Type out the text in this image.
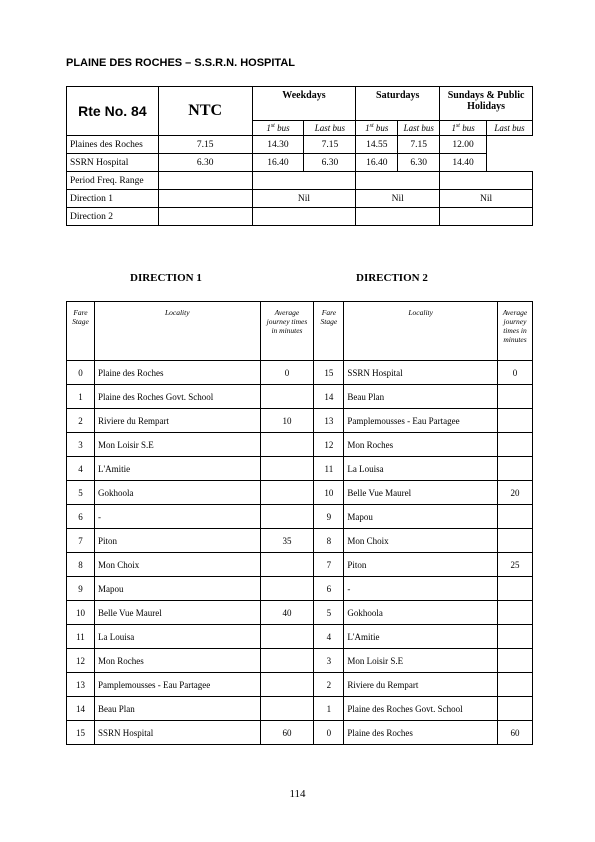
PLAINE DES ROCHES – S.S.R.N. HOSPITAL
Rte No. 84	NTC	Weekdays		Saturdays		Sundays & Public Holidays	
		1st bus	Last bus	1st bus	Last bus	1st bus	Last bus
Plaines des Roches	7.15	14.30	7.15	14.55	7.15	12.00	
SSRN Hospital	6.30	16.40	6.30	16.40	6.30	14.40	
Period Freq. Range							
Direction 1		Nil		Nil		Nil	
Direction 2							
DIRECTION 1	DIRECTION 2
Fare Stage	Locality	Average journey times in minutes	Fare Stage	Locality	Average journey times in minutes
0	Plaine des Roches	0	15	SSRN Hospital	0
1	Plaine des Roches Govt. School		14	Beau Plan	
2	Riviere du Rempart	10	13	Pamplemousses - Eau Partagee	
3	Mon Loisir S.E		12	Mon Roches	
4	L'Amitie		11	La Louisa	
5	Gokhoola		10	Belle Vue Maurel	20
6	-		9	Mapou	
7	Piton	35	8	Mon Choix	
8	Mon Choix		7	Piton	25
9	Mapou		6	-	
10	Belle Vue Maurel	40	5	Gokhoola	
11	La Louisa		4	L'Amitie	
12	Mon Roches		3	Mon Loisir S.E	
13	Pamplemousses - Eau Partagee		2	Riviere du Rempart	
14	Beau Plan		1	Plaine des Roches Govt. School	
15	SSRN Hospital	60	0	Plaine des Roches	60
114
